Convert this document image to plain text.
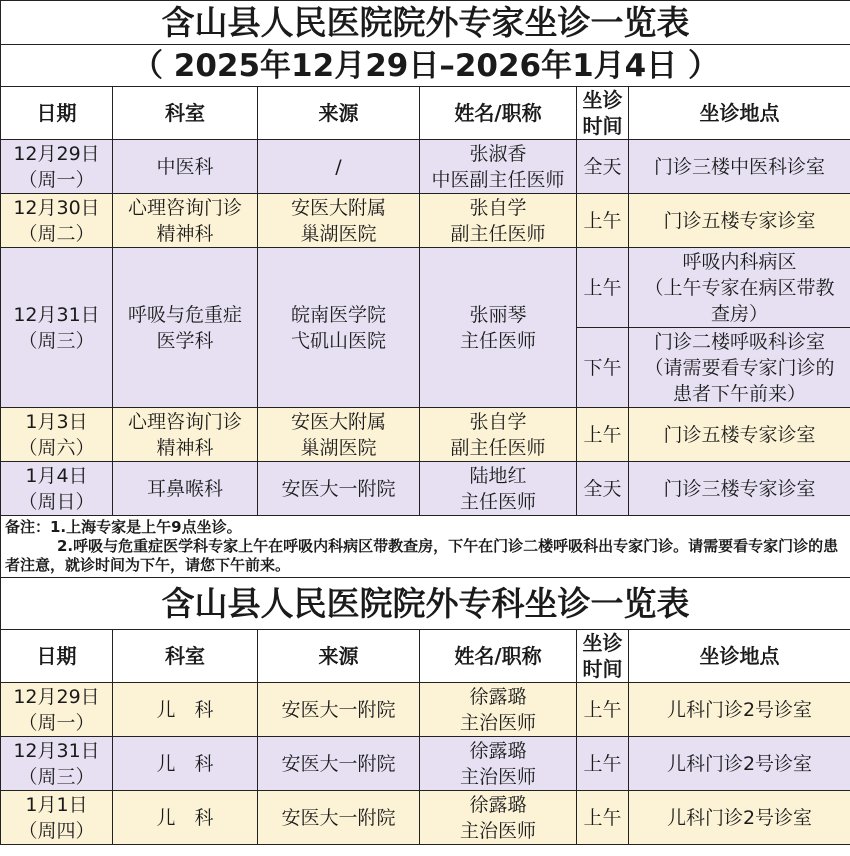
含山县人民医院院外专家坐诊一览表					
（ 2025年12月29日–2026年1月4日 ）					
日期	科室	来源	姓名/职称	坐诊
时间	坐诊地点

12月29日
（周一）	中医科	/	张淑香
中医副主任医师	全天	门诊三楼中医科诊室

12月30日
（周二）	心理咨询门诊
精神科	安医大附属
巢湖医院	张自学
副主任医师	上午	门诊五楼专家诊室

12月31日
（周三）	呼吸与危重症
医学科	皖南医学院
弋矶山医院	张丽琴
主任医师	上午	呼吸内科病区
（上午专家在病区带教
查房）

				下午	门诊二楼呼吸科诊室
（请需要看专家门诊的
患者下午前来）

1月3日
（周六）	心理咨询门诊
精神科	安医大附属
巢湖医院	张自学
副主任医师	上午	门诊五楼专家诊室

1月4日
（周日）	耳鼻喉科	安医大一附院	陆地红
主任医师	全天	门诊三楼专家诊室

备注：1.上海专家是上午9点坐诊。
2.呼吸与危重症医学科专家上午在呼吸内科病区带教查房，下午在门诊二楼呼吸科出专家门诊。请需要看专家门诊的患者注意，就诊时间为下午，请您下午前来。					

含山县人民医院院外专科坐诊一览表					
日期	科室	来源	姓名/职称	坐诊
时间	坐诊地点

12月29日
（周一）	儿　科	安医大一附院	徐露璐
主治医师	上午	儿科门诊2号诊室

12月31日
（周三）	儿　科	安医大一附院	徐露璐
主治医师	上午	儿科门诊2号诊室

1月1日
（周四）	儿　科	安医大一附院	徐露璐
主治医师	上午	儿科门诊2号诊室
